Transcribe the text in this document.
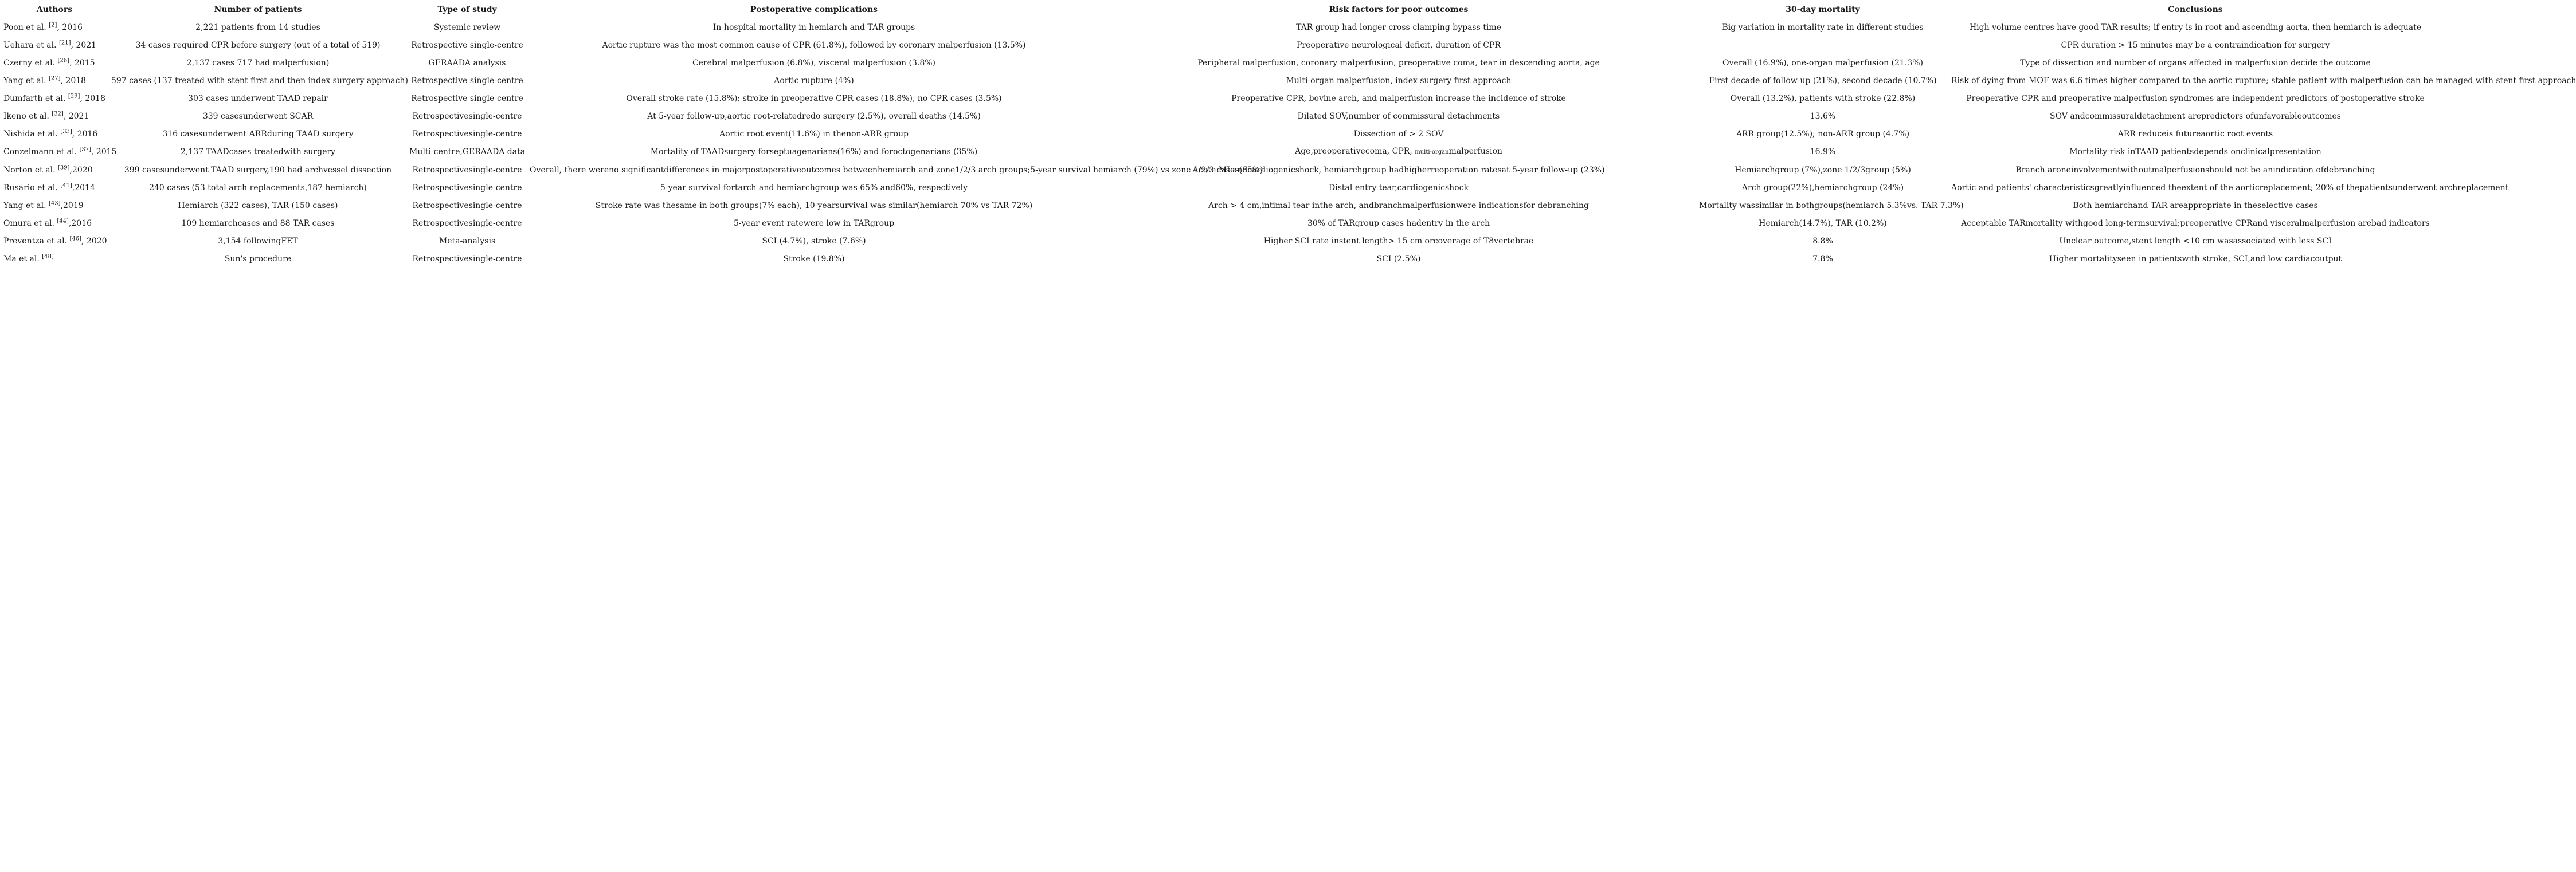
Authors	Number of patients	Type of study	Postoperative complications	Risk factors for poor outcomes	30-day mortality	Conclusions
Poon et al. [2], 2016	2,221 patients from 14 studies	Systemic review	In-hospital mortality in hemiarch and TAR groups	TAR group had longer cross-clamping bypass time	Big variation in mortality rate in different studies	High volume centres have good TAR results; if entry is in root and ascending aorta, then hemiarch is adequate
Uehara et al. [21], 2021	34 cases required CPR before surgery (out of a total of 519)	Retrospective single-centre	Aortic rupture was the most common cause of CPR (61.8%), followed by coronary malperfusion (13.5%)	Preoperative neurological deficit, duration of CPR		CPR duration > 15 minutes may be a contraindication for surgery
Czerny et al. [26], 2015	2,137 cases 717 had malperfusion)	GERAADA analysis	Cerebral malperfusion (6.8%), visceral malperfusion (3.8%)	Peripheral malperfusion, coronary malperfusion, preoperative coma, tear in descending aorta, age	Overall (16.9%), one-organ malperfusion (21.3%)	Type of dissection and number of organs affected in malperfusion decide the outcome
Yang et al. [27], 2018	597 cases (137 treated with stent first and then index surgery approach)	Retrospective single-centre	Aortic rupture (4%)	Multi-organ malperfusion, index surgery first approach	First decade of follow-up (21%), second decade (10.7%)	Risk of dying from MOF was 6.6 times higher compared to the aortic rupture; stable patient with malperfusion can be managed with stent first approach
Dumfarth et al. [29], 2018	303 cases underwent TAAD repair	Retrospective single-centre	Overall stroke rate (15.8%); stroke in preoperative CPR cases (18.8%), no CPR cases (3.5%)	Preoperative CPR, bovine arch, and malperfusion increase the incidence of stroke	Overall (13.2%), patients with stroke (22.8%)	Preoperative CPR and preoperative malperfusion syndromes are independent predictors of postoperative stroke
Ikeno et al. [32], 2021	339 casesunderwent SCAR	Retrospectivesingle-centre	At 5-year follow-up,aortic root-relatedredo surgery (2.5%), overall deaths (14.5%)	Dilated SOV,number of commissural detachments	13.6%	SOV andcommissuraldetachment arepredictors ofunfavorableoutcomes
Nishida et al. [33], 2016	316 casesunderwent ARRduring TAAD surgery	Retrospectivesingle-centre	Aortic root event(11.6%) in thenon-ARR group	Dissection of > 2 SOV	ARR group(12.5%); non-ARR group (4.7%)	ARR reduceis futureaortic root events
Conzelmann et al. [37], 2015	2,137 TAADcases treatedwith surgery	Multi-centre,GERAADA data	Mortality of TAADsurgery forseptuagenarians(16%) and foroctogenarians (35%)	Age,preoperativecoma, CPR, multi-organmalperfusion	16.9%	Mortality risk inTAAD patientsdepends onclinicalpresentation
Norton et al. [39],2020	399 casesunderwent TAAD surgery,190 had archvessel dissection	Retrospectivesingle-centre	Overall, there wereno significantdifferences in majorpostoperativeoutcomes betweenhemiarch and zone1/2/3 arch groups;5-year survival hemiarch (79%) vs zone 1/2/3 cases(85%)	Acute MI andcardiogenicshock, hemiarchgroup hadhigherreoperation ratesat 5-year follow-up (23%)	Hemiarchgroup (7%),zone 1/2/3group (5%)	Branch aroneinvolvementwithoutmalperfusionshould not be anindication ofdebranching
Rusario et al. [41],2014	240 cases (53 total arch replacements,187 hemiarch)	Retrospectivesingle-centre	5-year survival fortarch and hemiarchgroup was 65% and60%, respectively	Distal entry tear,cardiogenicshock	Arch group(22%),hemiarchgroup (24%)	Aortic and patients' characteristicsgreatlyinfluenced theextent of the aorticreplacement; 20% of thepatientsunderwent archreplacement
Yang et al. [43],2019	Hemiarch (322 cases), TAR (150 cases)	Retrospectivesingle-centre	Stroke rate was thesame in both groups(7% each), 10-yearsurvival was similar(hemiarch 70% vs TAR 72%)	Arch > 4 cm,intimal tear inthe arch, andbranchmalperfusionwere indicationsfor debranching	Mortality wassimilar in bothgroups(hemiarch 5.3%vs. TAR 7.3%)	Both hemiarchand TAR areappropriate in theselective cases
Omura et al. [44],2016	109 hemiarchcases and 88 TAR cases	Retrospectivesingle-centre	5-year event ratewere low in TARgroup	30% of TARgroup cases hadentry in the arch	Hemiarch(14.7%), TAR (10.2%)	Acceptable TARmortality withgood long-termsurvival;preoperative CPRand visceralmalperfusion arebad indicators
Preventza et al. [46], 2020	3,154 followingFET	Meta-analysis	SCI (4.7%), stroke (7.6%)	Higher SCI rate instent length> 15 cm orcoverage of T8vertebrae	8.8%	Unclear outcome,stent length <10 cm wasassociated with less SCI
Ma et al. [48]	Sun's procedure	Retrospectivesingle-centre	Stroke (19.8%)	SCI (2.5%)	7.8%	Higher mortalityseen in patientswith stroke, SCI,and low cardiacoutput
